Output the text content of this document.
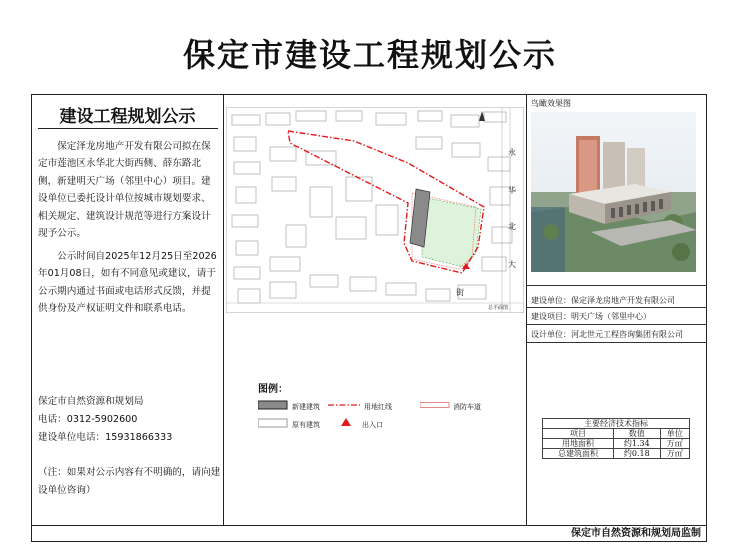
保定市建设工程规划公示
建设工程规划公示
　　保定泽龙房地产开发有限公司拟在保定市莲池区永华北大街西侧、薛东路北侧，新建明天广场（邻里中心）项目。建设单位已委托设计单位按城市规划要求、相关规定、建筑设计规范等进行方案设计现予公示。
　　公示时间自2025年12月25日至2026年01月08日，如有不同意见或建议，请于公示期内通过书面或电话形式反馈，并提供身份及产权证明文件和联系电话。
保定市自然资源和规划局
电话：0312-5902600
建设单位电话：15931866333
（注：如果对公示内容有不明确的，请向建设单位咨询）
永
华
北
大
街
总平面图
图例：
新建建筑	用地红线	消防车道
原有建筑	出入口
鸟瞰效果图
建设单位：保定泽龙房地产开发有限公司
建设项目：明天广场（邻里中心）
设计单位：河北世元工程咨询集团有限公司
主要经济技术指标		
项目	数值	单位
用地面积	约1.34	万㎡
总建筑面积	约0.18	万㎡
保定市自然资源和规划局监制
